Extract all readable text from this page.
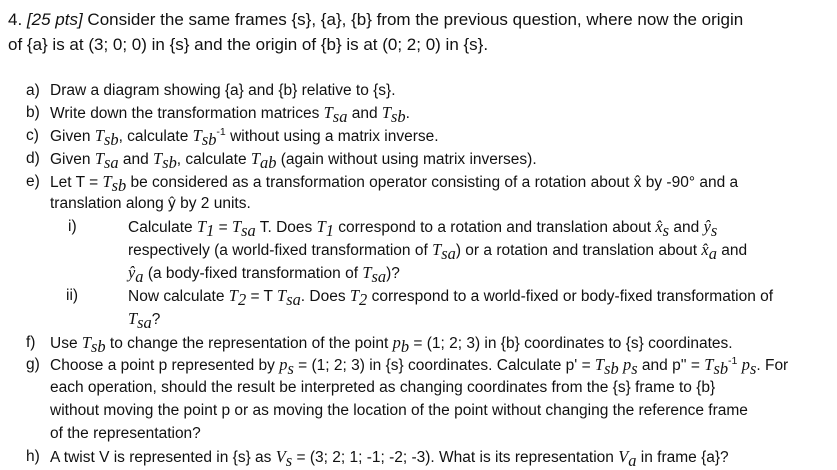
4. [25 pts] Consider the same frames {s}, {a}, {b} from the previous question, where now the origin
of {a} is at (3; 0; 0) in {s} and the origin of {b} is at (0; 2; 0) in {s}.
a) Draw a diagram showing {a} and {b} relative to {s}.
b) Write down the transformation matrices $T_{sa}$ and $T_{sb}$.
c) Given $T_{sb}$, calculate $T_{sb}^{-1}$ without using a matrix inverse.
d) Given $T_{sa}$ and $T_{sb}$, calculate $T_{ab}$ (again without using matrix inverses).
e) Let $T = T_{sb}$ be considered as a transformation operator consisting of a rotation about x̂ by -90° and a
translation along ŷ by 2 units.
i)	Calculate $T_1 = T_{sa}$ T. Does $T_1$ correspond to a rotation and translation about $x̂_s$ and $ŷ_s$
respectively (a world-fixed transformation of $T_{sa}$) or a rotation and translation about $x̂_a$ and
$ŷ_a$ (a body-fixed transformation of $T_{sa}$)?
ii)	Now calculate $T_2 = T$ $T_{sa}$. Does $T_2$ correspond to a world-fixed or body-fixed transformation of
$T_{sa}$?
f) Use $T_{sb}$ to change the representation of the point $p_b = (1$; 2; 3) in {b} coordinates to {s} coordinates.
g) Choose a point p represented by $p_s = (1$; 2; 3) in {s} coordinates. Calculate $p' = T_{sb}$ $p_s$ and $p'' = T_{sb}^{-1}$ $p_s$. For
each operation, should the result be interpreted as changing coordinates from the {s} frame to {b}
without moving the point p or as moving the location of the point without changing the reference frame
of the representation?
h) A twist V is represented in {s} as $V_s = (3$; 2; 1; -1; -2; -3). What is its representation $V_a$ in frame {a}?
